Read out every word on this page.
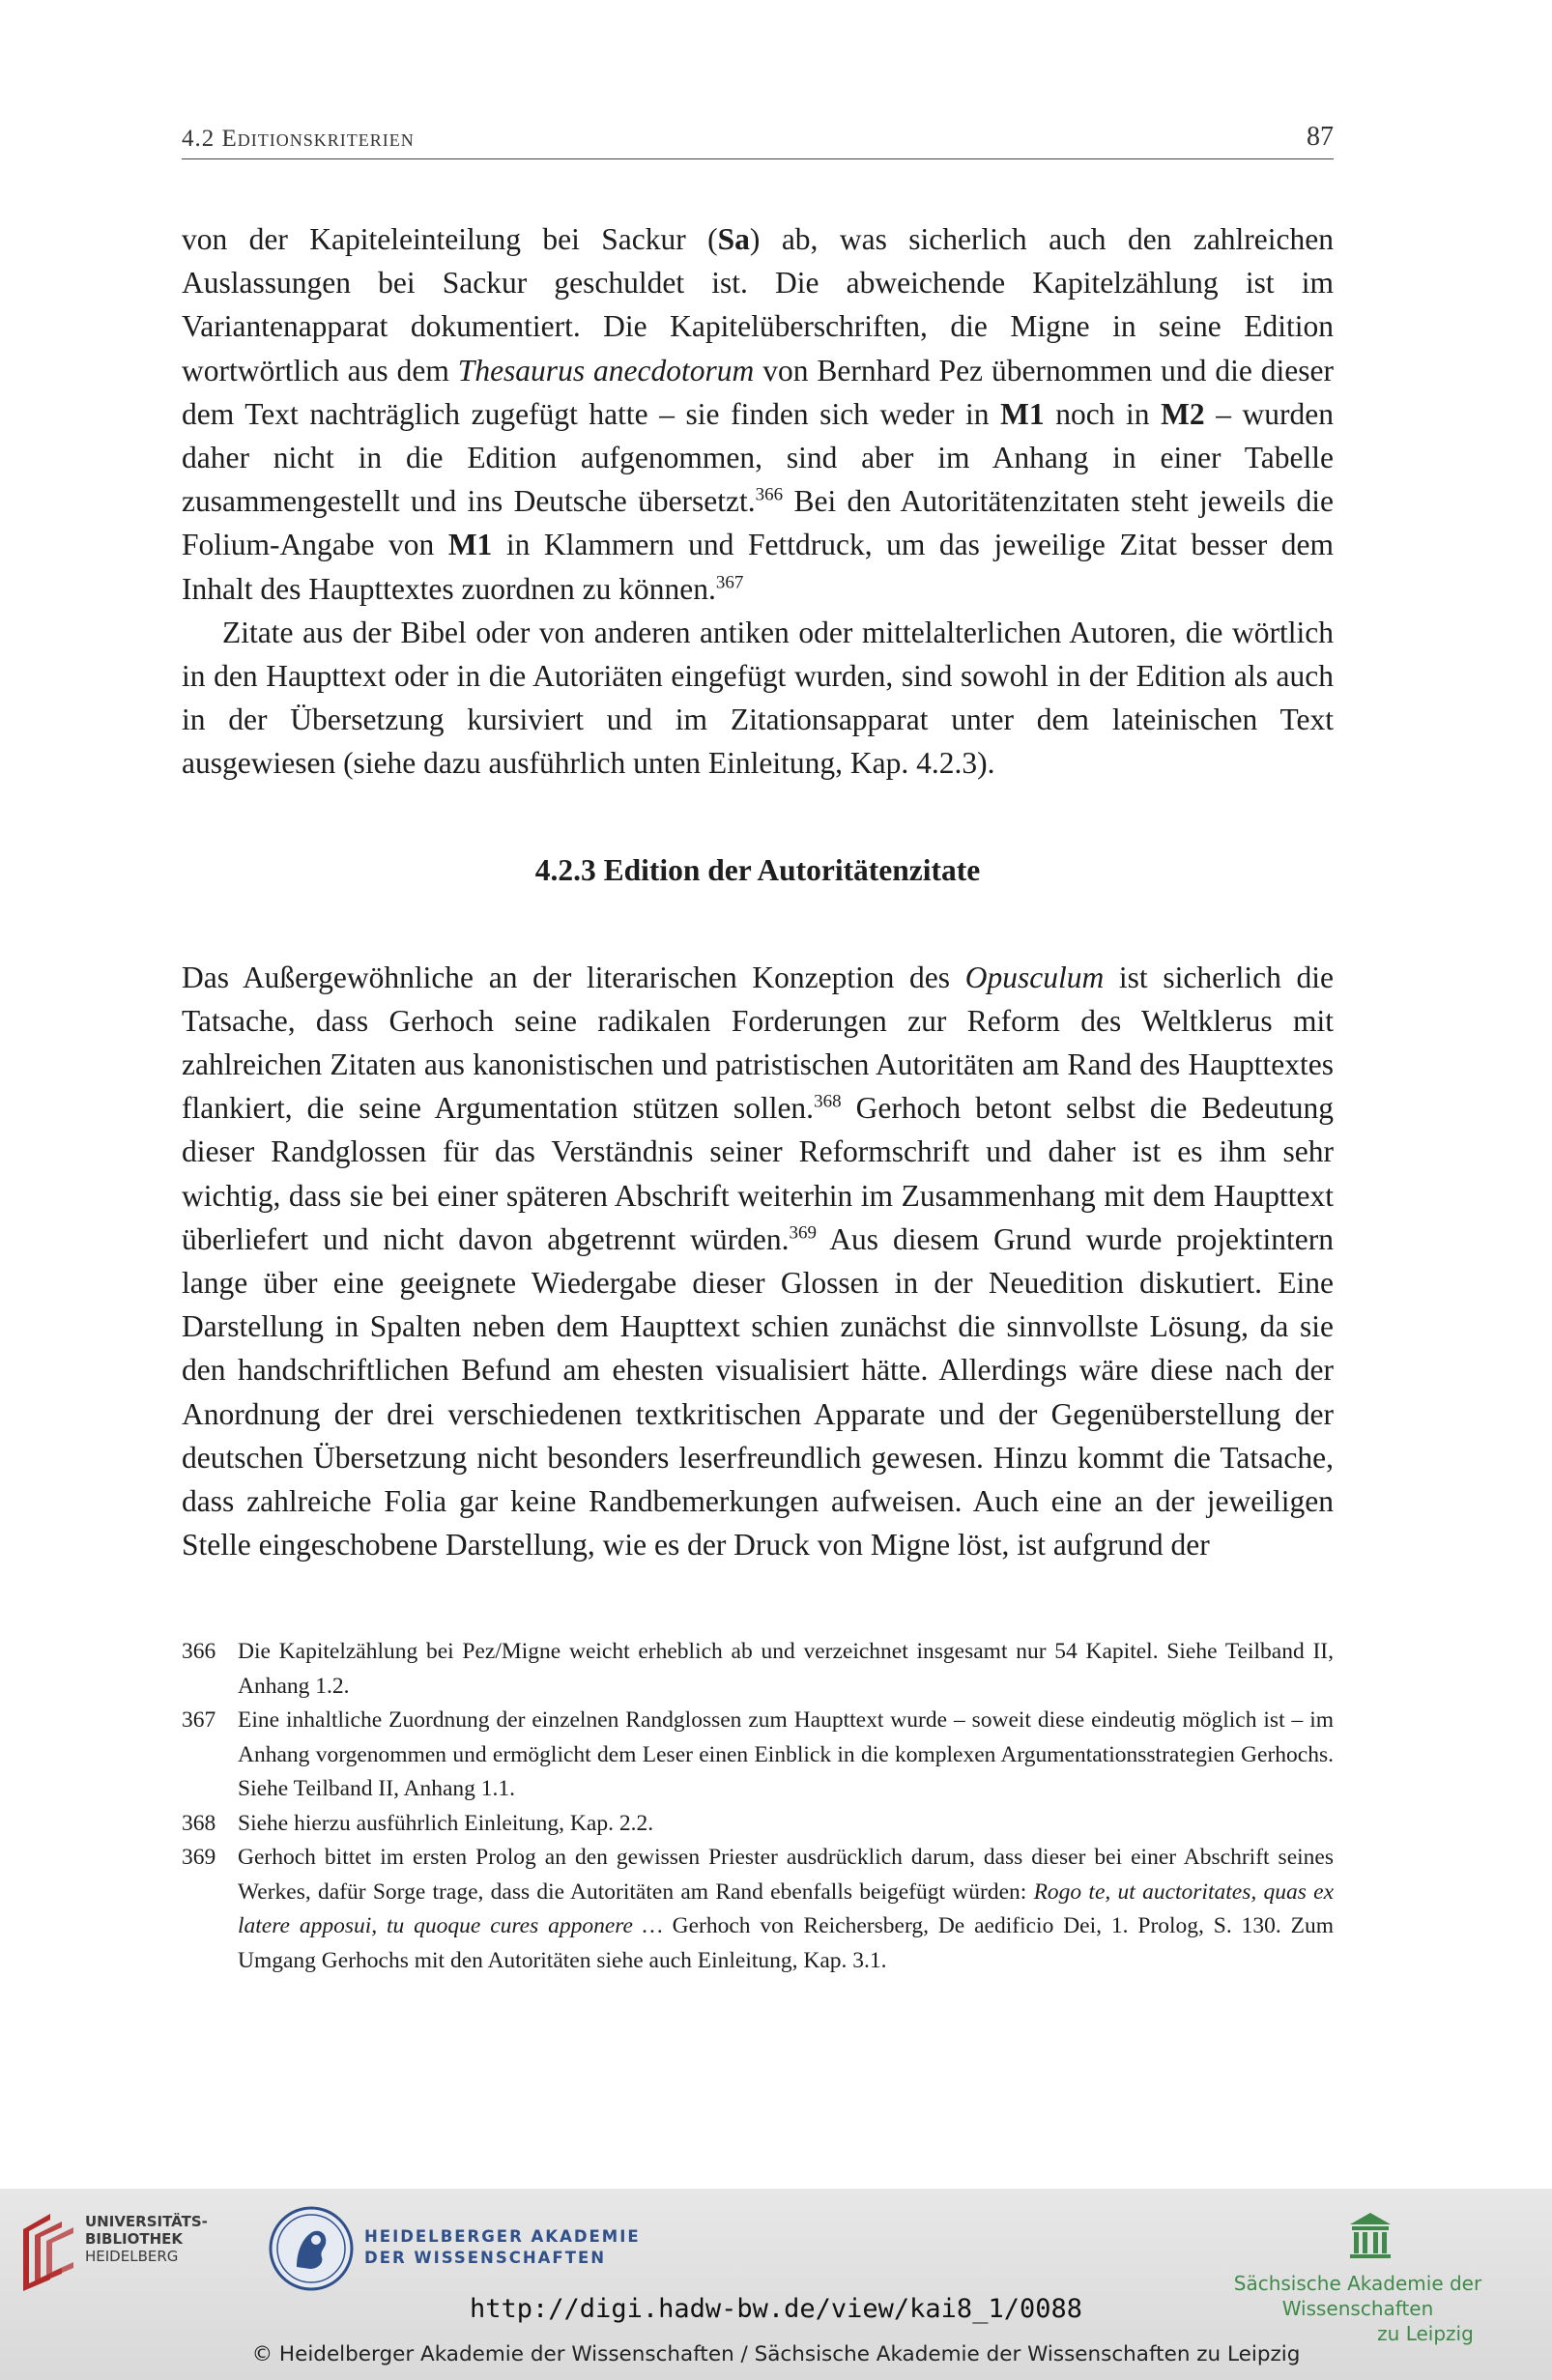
4.2 Editionskriterien	87

von der Kapiteleinteilung bei Sackur (Sa) ab, was sicherlich auch den zahlreichen Auslassungen bei Sackur geschuldet ist. Die abweichende Kapitelzählung ist im Variantenapparat dokumentiert. Die Kapitelüberschriften, die Migne in seine Edition wortwörtlich aus dem Thesaurus anecdotorum von Bernhard Pez übernommen und die dieser dem Text nachträglich zugefügt hatte – sie finden sich weder in M1 noch in M2 – wurden daher nicht in die Edition aufgenommen, sind aber im Anhang in einer Tabelle zusammengestellt und ins Deutsche übersetzt.$^{366}$ Bei den Autoritätenzitaten steht jeweils die Folium-Angabe von M1 in Klammern und Fettdruck, um das jeweilige Zitat besser dem Inhalt des Haupttextes zuordnen zu können.$^{367}$

Zitate aus der Bibel oder von anderen antiken oder mittelalterlichen Autoren, die wörtlich in den Haupttext oder in die Autoriäten eingefügt wurden, sind sowohl in der Edition als auch in der Übersetzung kursiviert und im Zitationsapparat unter dem lateinischen Text ausgewiesen (siehe dazu ausführlich unten Einleitung, Kap. 4.2.3).

4.2.3 Edition der Autoritätenzitate

Das Außergewöhnliche an der literarischen Konzeption des Opusculum ist sicherlich die Tatsache, dass Gerhoch seine radikalen Forderungen zur Reform des Weltklerus mit zahlreichen Zitaten aus kanonistischen und patristischen Autoritäten am Rand des Haupttextes flankiert, die seine Argumentation stützen sollen.$^{368}$ Gerhoch betont selbst die Bedeutung dieser Randglossen für das Verständnis seiner Reformschrift und daher ist es ihm sehr wichtig, dass sie bei einer späteren Abschrift weiterhin im Zusammenhang mit dem Haupttext überliefert und nicht davon abgetrennt würden.$^{369}$ Aus diesem Grund wurde projektintern lange über eine geeignete Wiedergabe dieser Glossen in der Neuedition diskutiert. Eine Darstellung in Spalten neben dem Haupttext schien zunächst die sinnvollste Lösung, da sie den handschriftlichen Befund am ehesten visualisiert hätte. Allerdings wäre diese nach der Anordnung der drei verschiedenen textkritischen Apparate und der Gegenüberstellung der deutschen Übersetzung nicht besonders leserfreundlich gewesen. Hinzu kommt die Tatsache, dass zahlreiche Folia gar keine Randbemerkungen aufweisen. Auch eine an der jeweiligen Stelle eingeschobene Darstellung, wie es der Druck von Migne löst, ist aufgrund der

366 Die Kapitelzählung bei Pez/Migne weicht erheblich ab und verzeichnet insgesamt nur 54 Kapitel. Siehe Teilband II, Anhang 1.2.
367 Eine inhaltliche Zuordnung der einzelnen Randglossen zum Haupttext wurde – soweit diese eindeutig möglich ist – im Anhang vorgenommen und ermöglicht dem Leser einen Einblick in die komplexen Argumentationsstrategien Gerhochs. Siehe Teilband II, Anhang 1.1.
368 Siehe hierzu ausführlich Einleitung, Kap. 2.2.
369 Gerhoch bittet im ersten Prolog an den gewissen Priester ausdrücklich darum, dass dieser bei einer Abschrift seines Werkes, dafür Sorge trage, dass die Autoritäten am Rand ebenfalls beigefügt würden: Rogo te, ut auctoritates, quas ex latere apposui, tu quoque cures apponere … Gerhoch von Reichersberg, De aedificio Dei, 1. Prolog, S. 130. Zum Umgang Gerhochs mit den Autoritäten siehe auch Einleitung, Kap. 3.1.
UNIVERSITÄTS-
BIBLIOTHEK
HEIDELBERG
HEIDELBERGER AKADEMIE
DER WISSENSCHAFTEN
Sächsische Akademie der Wissenschaften
zu Leipzig
http://digi.hadw-bw.de/view/kai8_1/0088
© Heidelberger Akademie der Wissenschaften / Sächsische Akademie der Wissenschaften zu Leipzig
